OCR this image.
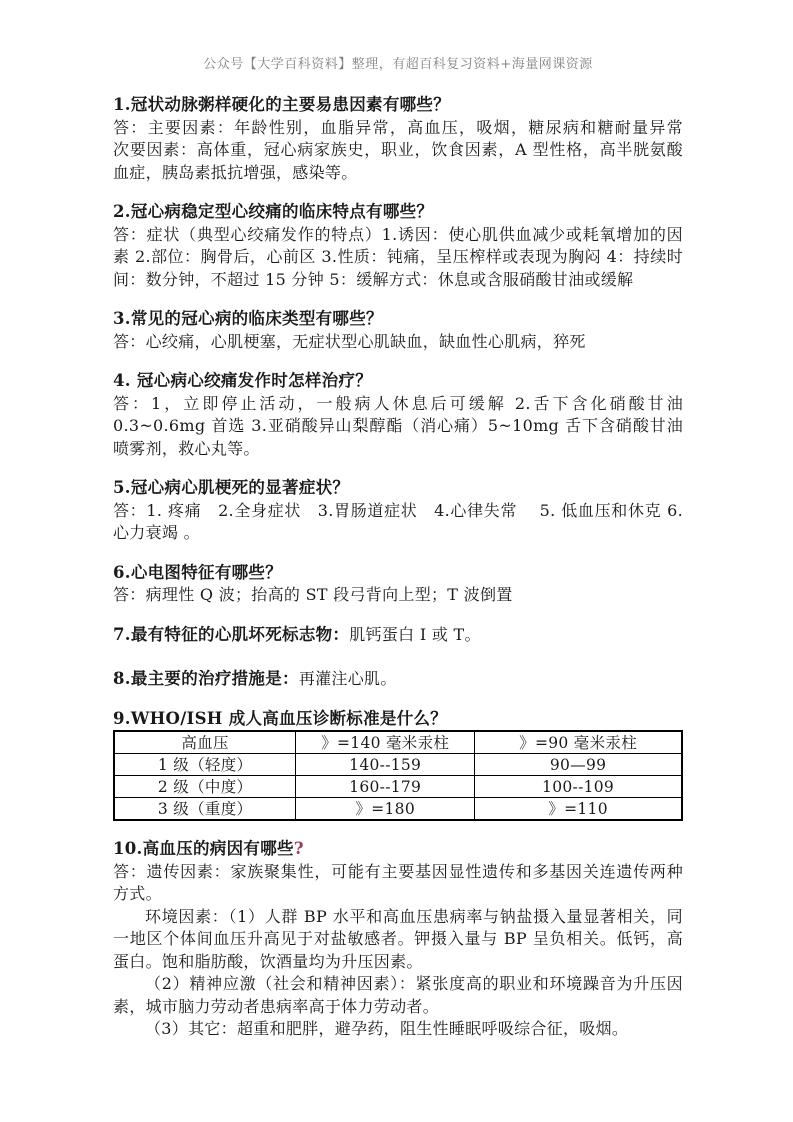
公众号【大学百科资料】整理，有超百科复习资料+海量网课资源
1.冠状动脉粥样硬化的主要易患因素有哪些？

答：主要因素：年龄性别，血脂异常，高血压，吸烟，糖尿病和糖耐量异常　　次要因素：高体重，冠心病家族史，职业，饮食因素，A 型性格，高半胱氨酸血症，胰岛素抵抗增强，感染等。

2.冠心病稳定型心绞痛的临床特点有哪些？

答：症状（典型心绞痛发作的特点）1.诱因：使心肌供血减少或耗氧增加的因素 2.部位：胸骨后，心前区 3.性质：钝痛，呈压榨样或表现为胸闷 4：持续时间：数分钟，不超过 15 分钟 5：缓解方式：休息或含服硝酸甘油或缓解

3.常见的冠心病的临床类型有哪些？

答：心绞痛，心肌梗塞，无症状型心肌缺血，缺血性心肌病，猝死

4. 冠心病心绞痛发作时怎样治疗？

答：1，立即停止活动，一般病人休息后可缓解 2.舌下含化硝酸甘油 0.3~0.6mg 首选 3.亚硝酸异山梨醇酯（消心痛）5~10mg 舌下含硝酸甘油喷雾剂，救心丸等。

5.冠心病心肌梗死的显著症状？

答：1. 疼痛　2.全身症状　3.胃肠道症状　4.心律失常　 5. 低血压和休克 6.心力衰竭 。

6.心电图特征有哪些？

答：病理性 Q 波；抬高的 ST 段弓背向上型；T 波倒置

7.最有特征的心肌坏死标志物：肌钙蛋白 I 或 T。

8.最主要的治疗措施是：再灌注心肌。

9.WHO/ISH 成人高血压诊断标准是什么？
高血压	》=140 毫米汞柱	》=90 毫米汞柱
1 级（轻度）	140--159	90—99
2 级（中度）	160--179	100--109
3 级（重度）	》=180	》=110
10.高血压的病因有哪些?

答：遗传因素：家族聚集性，可能有主要基因显性遗传和多基因关连遗传两种方式。

环境因素：（1）人群 BP 水平和高血压患病率与钠盐摄入量显著相关，同一地区个体间血压升高见于对盐敏感者。钾摄入量与 BP 呈负相关。低钙，高蛋白。饱和脂肪酸，饮酒量均为升压因素。

（2）精神应激（社会和精神因素）：紧张度高的职业和环境躁音为升压因素，城市脑力劳动者患病率高于体力劳动者。

（3）其它：超重和肥胖，避孕药，阻生性睡眠呼吸综合征，吸烟。
